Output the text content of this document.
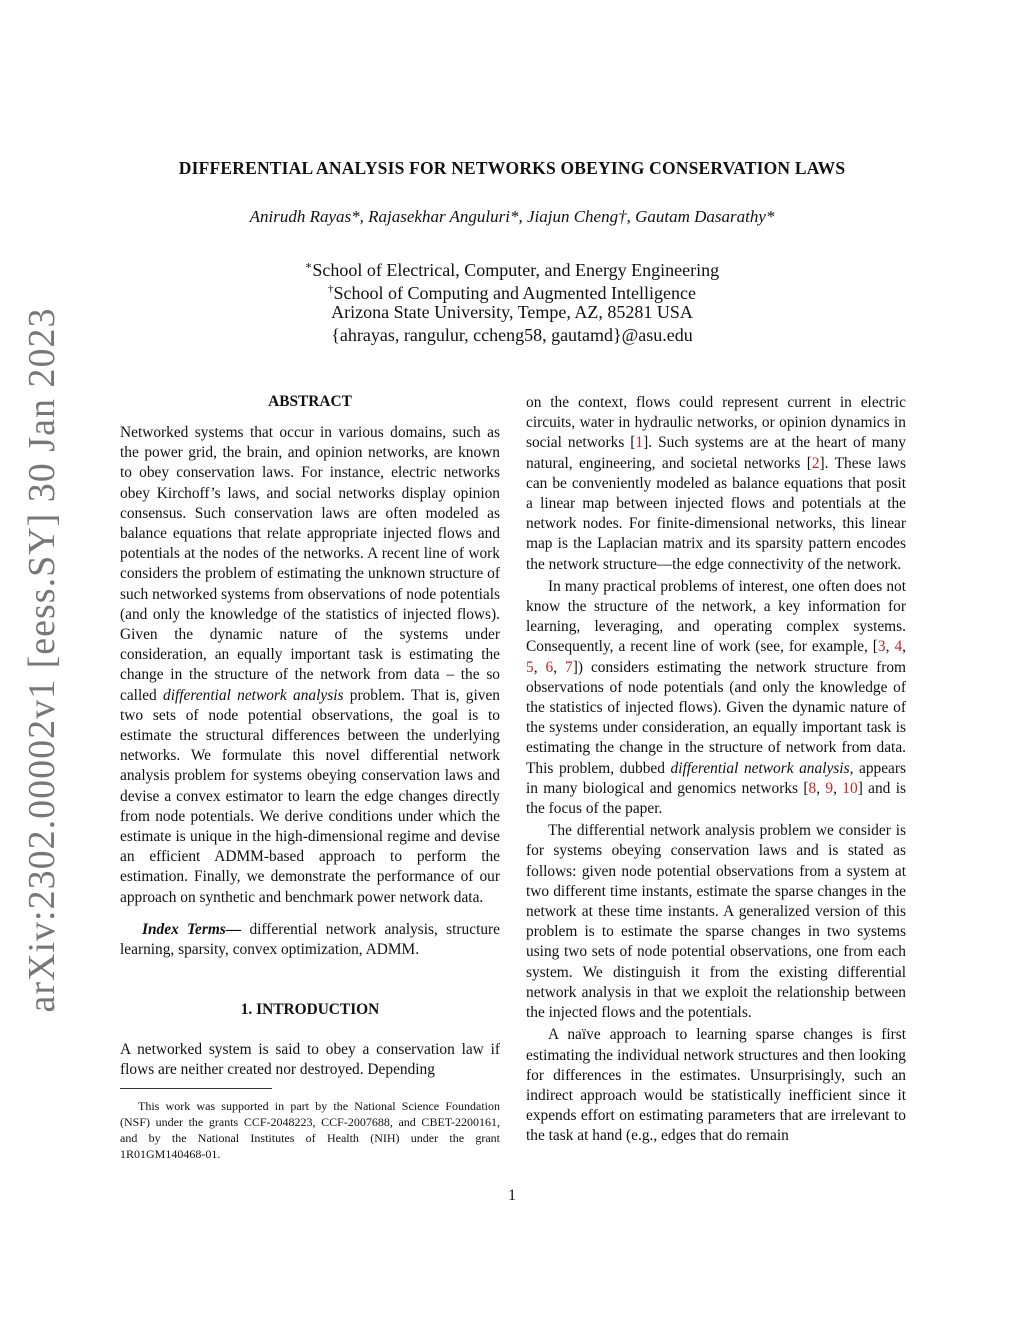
arXiv:2302.00002v1 [eess.SY] 30 Jan 2023
DIFFERENTIAL ANALYSIS FOR NETWORKS OBEYING CONSERVATION LAWS
Anirudh Rayas*, Rajasekhar Anguluri*, Jiajun Cheng†, Gautam Dasarathy*
∗School of Electrical, Computer, and Energy Engineering
†School of Computing and Augmented Intelligence
Arizona State University, Tempe, AZ, 85281 USA
{ahrayas, rangulur, ccheng58, gautamd}@asu.edu
ABSTRACT

Networked systems that occur in various domains, such as the power grid, the brain, and opinion networks, are known to obey conservation laws. For instance, electric networks obey Kirchoff’s laws, and social networks display opinion consensus. Such conservation laws are often modeled as balance equations that relate appropriate injected flows and potentials at the nodes of the networks. A recent line of work considers the problem of estimating the unknown structure of such networked systems from observations of node potentials (and only the knowledge of the statistics of injected flows). Given the dynamic nature of the systems under consideration, an equally important task is estimating the change in the structure of the network from data – the so called differential network analysis problem. That is, given two sets of node potential observations, the goal is to estimate the structural differences between the underlying networks. We formulate this novel differential network analysis problem for systems obeying conservation laws and devise a convex estimator to learn the edge changes directly from node potentials. We derive conditions under which the estimate is unique in the high-dimensional regime and devise an efficient ADMM-based approach to perform the estimation. Finally, we demonstrate the performance of our approach on synthetic and benchmark power network data.

Index Terms— differential network analysis, structure learning, sparsity, convex optimization, ADMM.

1. INTRODUCTION

A networked system is said to obey a conservation law if flows are neither created nor destroyed. Depending

This work was supported in part by the National Science Foundation (NSF) under the grants CCF-2048223, CCF-2007688, and CBET-2200161, and by the National Institutes of Health (NIH) under the grant 1R01GM140468-01.

on the context, flows could represent current in electric circuits, water in hydraulic networks, or opinion dynamics in social networks [1]. Such systems are at the heart of many natural, engineering, and societal networks [2]. These laws can be conveniently modeled as balance equations that posit a linear map between injected flows and potentials at the network nodes. For finite-dimensional networks, this linear map is the Laplacian matrix and its sparsity pattern encodes the network structure—the edge connectivity of the network.

In many practical problems of interest, one often does not know the structure of the network, a key information for learning, leveraging, and operating complex systems. Consequently, a recent line of work (see, for example, [3, 4, 5, 6, 7]) considers estimating the network structure from observations of node potentials (and only the knowledge of the statistics of injected flows). Given the dynamic nature of the systems under consideration, an equally important task is estimating the change in the structure of network from data. This problem, dubbed differential network analysis, appears in many biological and genomics networks [8, 9, 10] and is the focus of the paper.

The differential network analysis problem we consider is for systems obeying conservation laws and is stated as follows: given node potential observations from a system at two different time instants, estimate the sparse changes in the network at these time instants. A generalized version of this problem is to estimate the sparse changes in two systems using two sets of node potential observations, one from each system. We distinguish it from the existing differential network analysis in that we exploit the relationship between the injected flows and the potentials.

A naïve approach to learning sparse changes is first estimating the individual network structures and then looking for differences in the estimates. Unsurprisingly, such an indirect approach would be statistically inefficient since it expends effort on estimating parameters that are irrelevant to the task at hand (e.g., edges that do remain

1
